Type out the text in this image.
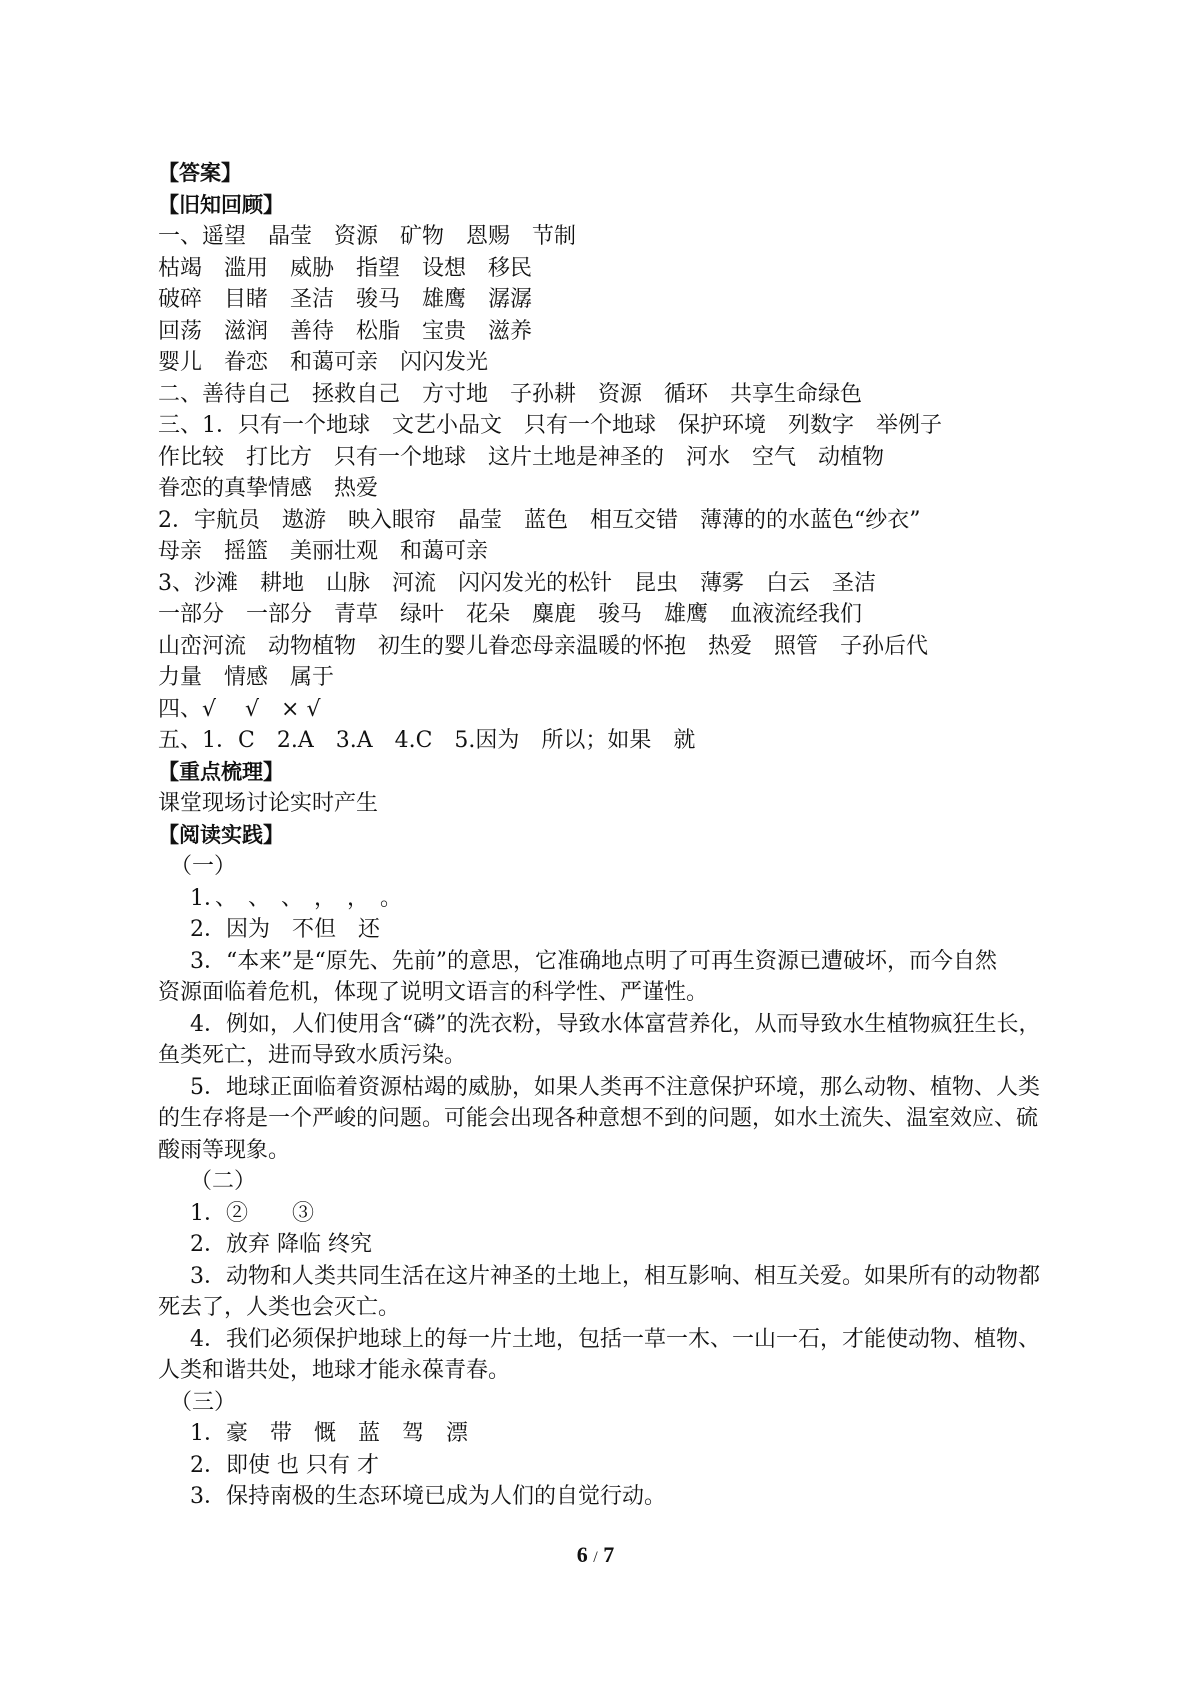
【答案】
【旧知回顾】
一、遥望　晶莹　资源　矿物　恩赐　节制
枯竭　滥用　威胁　指望　设想　移民
破碎　目睹　圣洁　骏马　雄鹰　潺潺
回荡　滋润　善待　松脂　宝贵　滋养
婴儿　眷恋　和蔼可亲　闪闪发光
二、善待自己　拯救自己　方寸地　子孙耕　资源　循环　共享生命绿色
三、1．只有一个地球　文艺小品文　只有一个地球　保护环境　列数字　举例子
作比较　打比方　只有一个地球　这片土地是神圣的　河水　空气　动植物
眷恋的真挚情感　热爱
2．宇航员　遨游　映入眼帘　晶莹　蓝色　相互交错　薄薄的的水蓝色“纱衣”
母亲　摇篮　美丽壮观　和蔼可亲
3、沙滩　耕地　山脉　河流　闪闪发光的松针　昆虫　薄雾　白云　圣洁
一部分　一部分　青草　绿叶　花朵　麋鹿　骏马　雄鹰　血液流经我们
山峦河流　动物植物　初生的婴儿眷恋母亲温暖的怀抱　热爱　照管　子孙后代
力量　情感　属于
四、√　 √　× √
五、1．C　2.A　3.A　4.C　5.因为　所以；如果　就
【重点梳理】
课堂现场讨论实时产生
【阅读实践】
（一）
1．、　、　、　，　，　。
2．因为　不但　还
3．“本来”是“原先、先前”的意思，它准确地点明了可再生资源已遭破坏，而今自然
资源面临着危机，体现了说明文语言的科学性、严谨性。
4．例如，人们使用含“磷”的洗衣粉，导致水体富营养化，从而导致水生植物疯狂生长，
鱼类死亡，进而导致水质污染。
5．地球正面临着资源枯竭的威胁，如果人类再不注意保护环境，那么动物、植物、人类
的生存将是一个严峻的问题。可能会出现各种意想不到的问题，如水土流失、温室效应、硫
酸雨等现象。
（二）
1．②　　③
2．放弃 降临 终究
3．动物和人类共同生活在这片神圣的土地上，相互影响、相互关爱。如果所有的动物都
死去了，人类也会灭亡。
4．我们必须保护地球上的每一片土地，包括一草一木、一山一石，才能使动物、植物、
人类和谐共处，地球才能永葆青春。
（三）
1．豪　带　慨　蓝　驾　漂
2．即使 也 只有 才
3．保持南极的生态环境已成为人们的自觉行动。
6 / 7
